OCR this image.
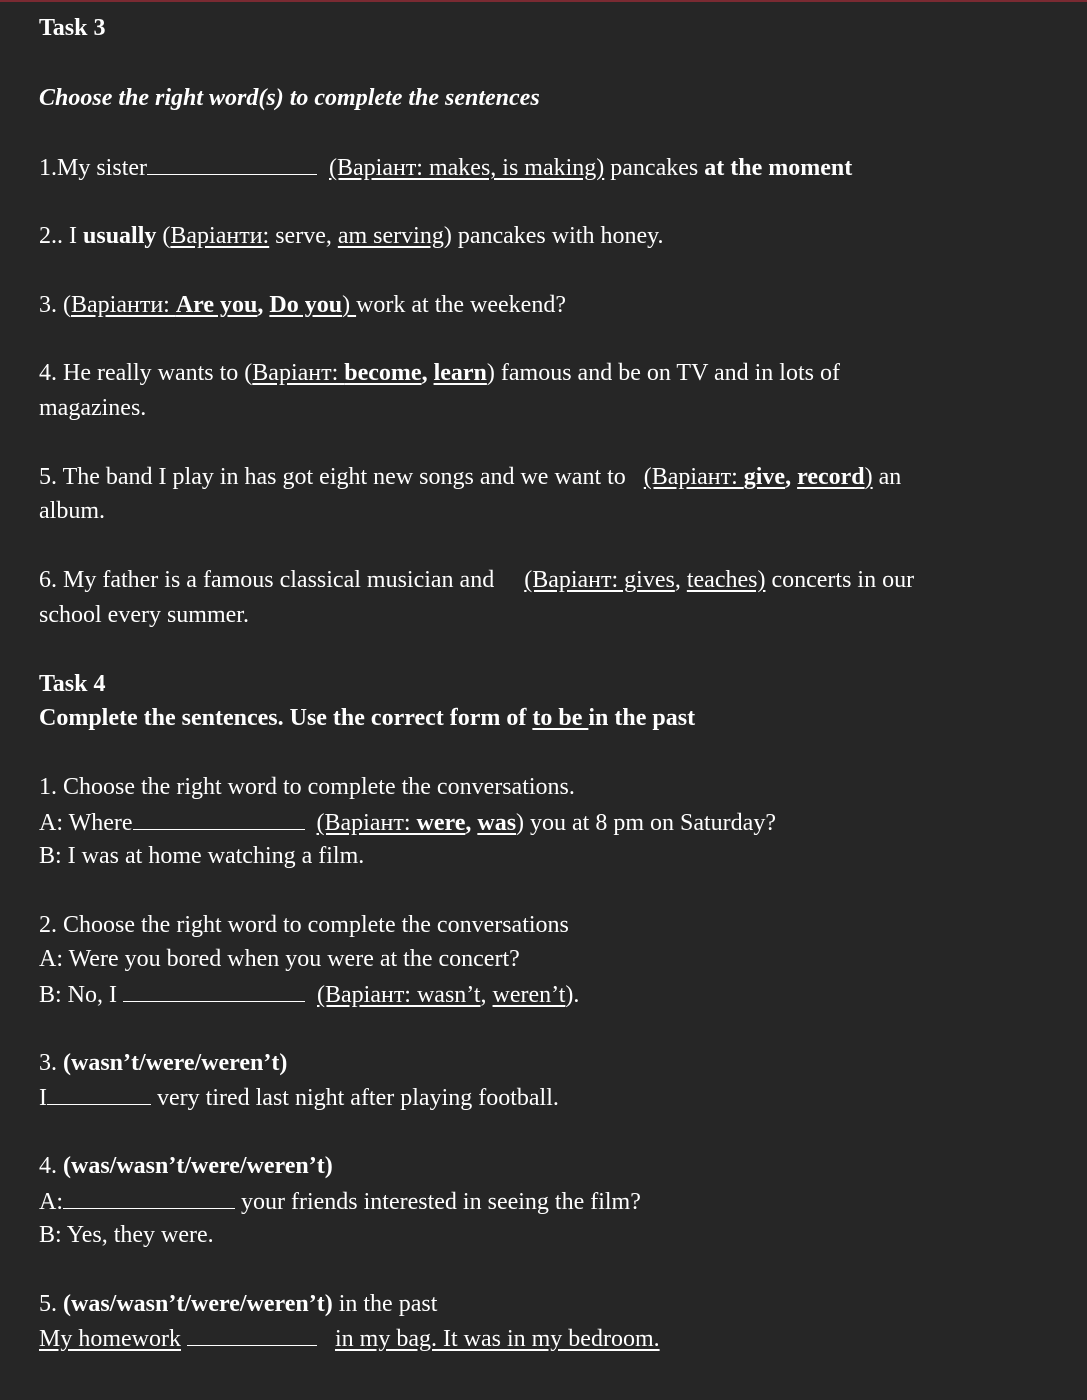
Task 3
Choose the right word(s) to complete the sentences
1.My sister	(Варіант: makes, is making) pancakes at the moment
2.. I usually (Варіанти: serve, am serving) pancakes with honey.
3. (Варіанти: Are you, Do you) work at the weekend?
4. He really wants to (Варіант: become, learn) famous and be on TV and in lots of
magazines.
5. The band I play in has got eight new songs and we want to   (Варіант: give, record) an
album.
6. My father is a famous classical musician and     (Варіант: gives, teaches) concerts in our
school every summer.
Task 4
Complete the sentences. Use the correct form of to be in the past
1. Choose the right word to complete the conversations.
A: Where	(Варіант: were, was) you at 8 pm on Saturday?
B: I was at home watching a film.
2. Choose the right word to complete the conversations
A: Were you bored when you were at the concert?
B: No, I	(Варіант: wasn’t, weren’t).
3. (wasn’t/were/weren’t)
I	very tired last night after playing football.
4. (was/wasn’t/were/weren’t)
A:	your friends interested in seeing the film?
B: Yes, they were.
5. (was/wasn’t/were/weren’t) in the past
My homework	in my bag. It was in my bedroom.
